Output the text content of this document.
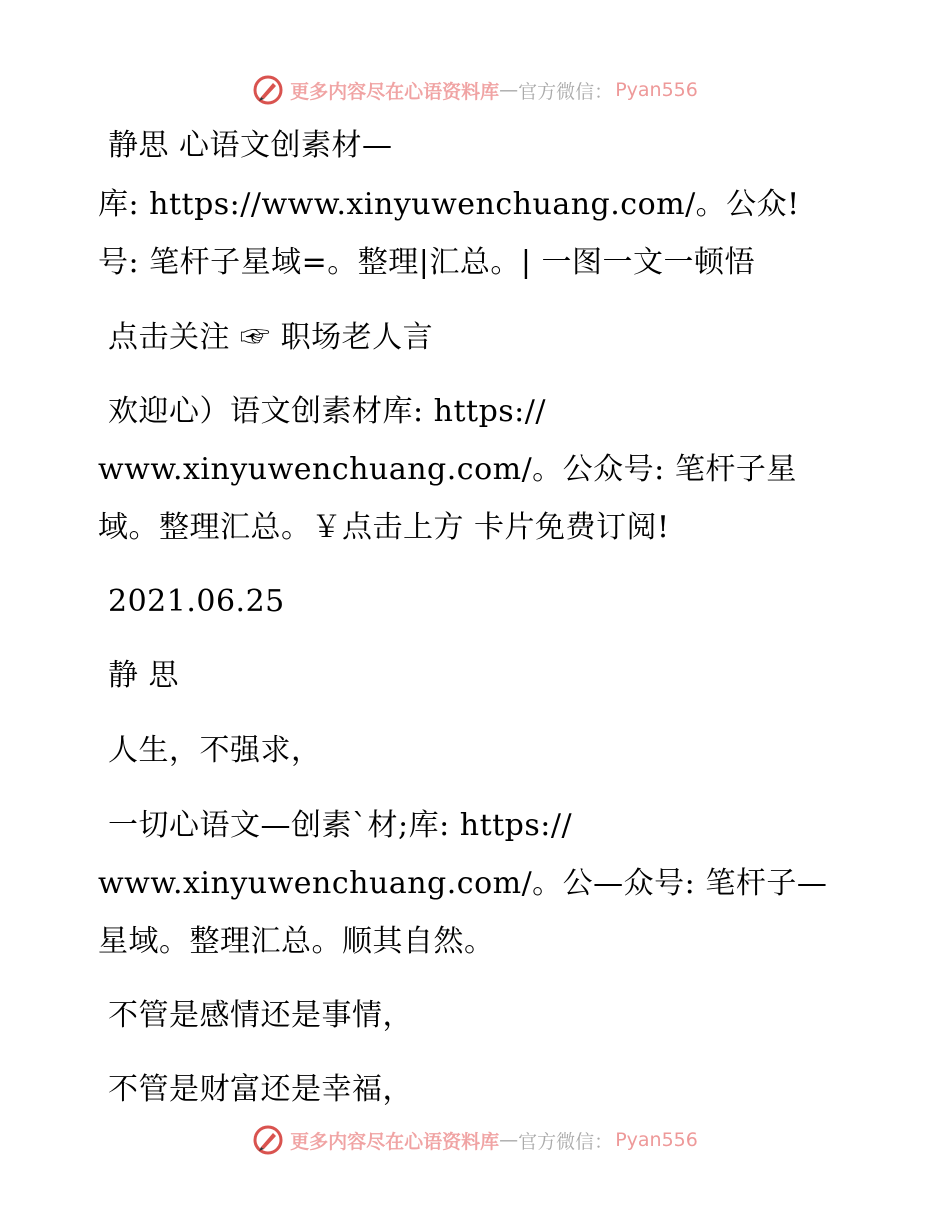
更多内容尽在心语资料库 — 官方微信： Pyan556
静思 心语文创素材—
库: https://www.xinyuwenchuang.com/。公众!
号: 笔杆子星域=。整理|汇总。| 一图一文一顿悟
点击关注 ☞ 职场老人言
欢迎心）语文创素材库: https://
www.xinyuwenchuang.com/。公众号: 笔杆子星
域。整理汇总。￥点击上方 卡片免费订阅!
2021.06.25
静 思
人生，不强求，
一切心语文—创素`材;库: https://
www.xinyuwenchuang.com/。公—众号: 笔杆子—
星域。整理汇总。顺其自然。
不管是感情还是事情，
不管是财富还是幸福，
更多内容尽在心语资料库 — 官方微信： Pyan556
